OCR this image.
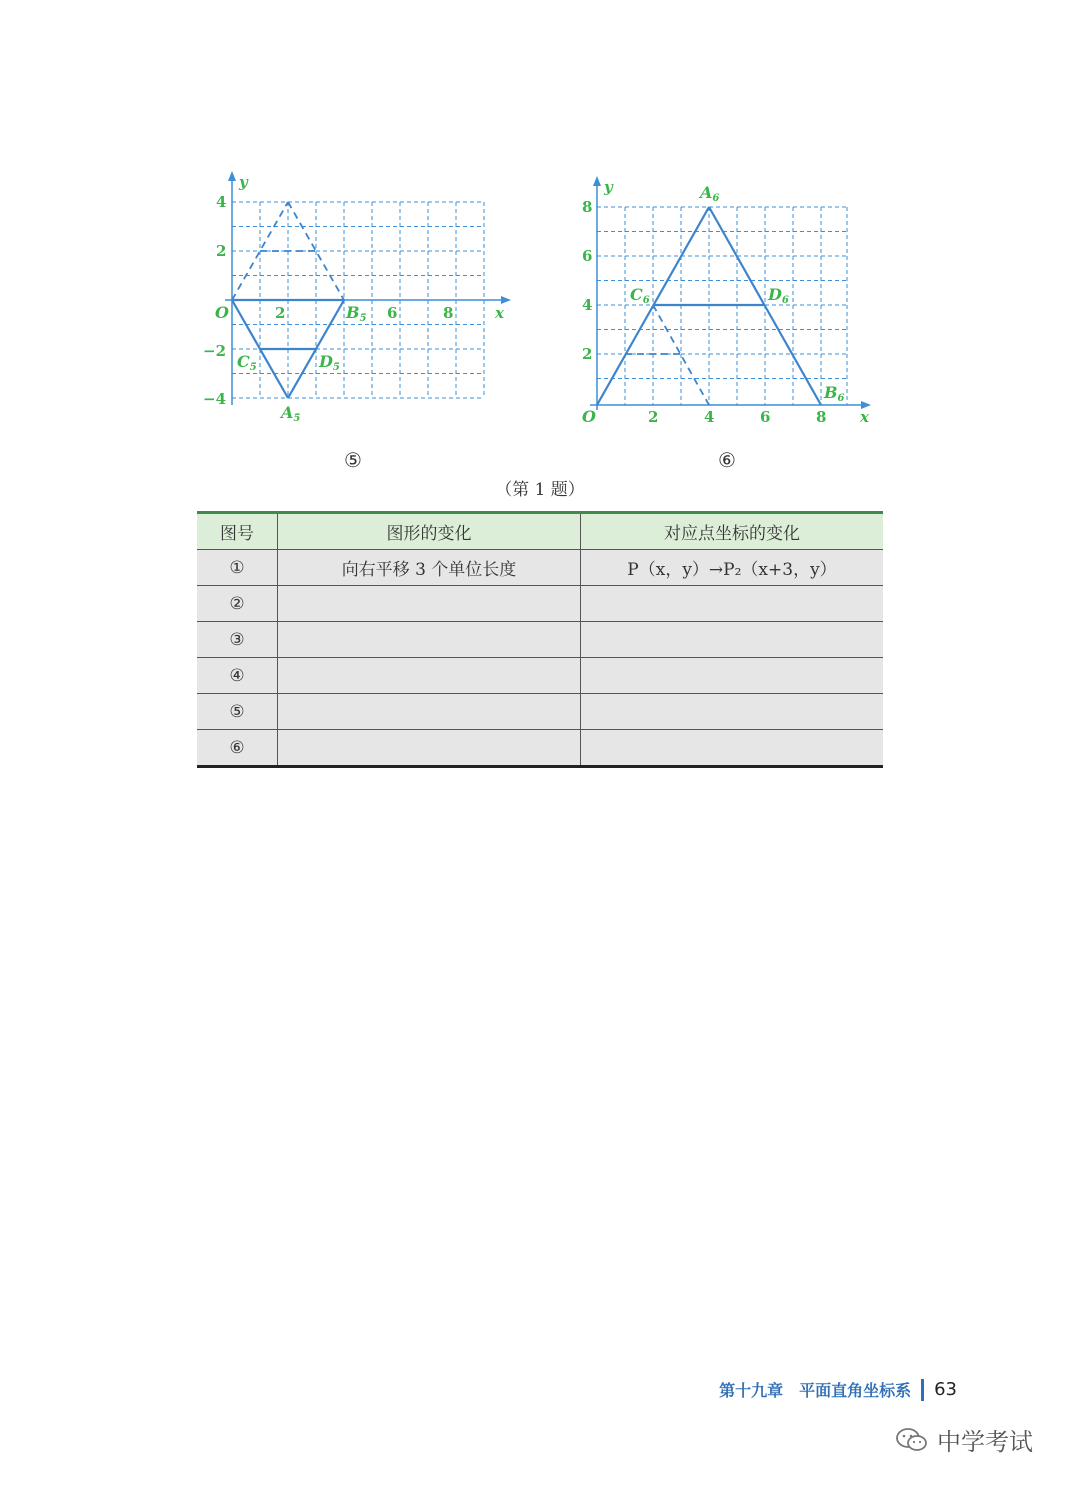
y
x
O	2	6	8
4
2
−2
−4
A5
B5
C5	D5
y
x
O	2	4	6	8
8
6
4
2
A6
B6
C6	D6
⑤	⑥
（第 1 题）
图号	图形的变化	对应点坐标的变化
①	向右平移 3 个单位长度	P（x，y）→P₂（x+3，y）
②		
③		
④		
⑤		
⑥		
第十九章 平面直角坐标系 63
中学考试
